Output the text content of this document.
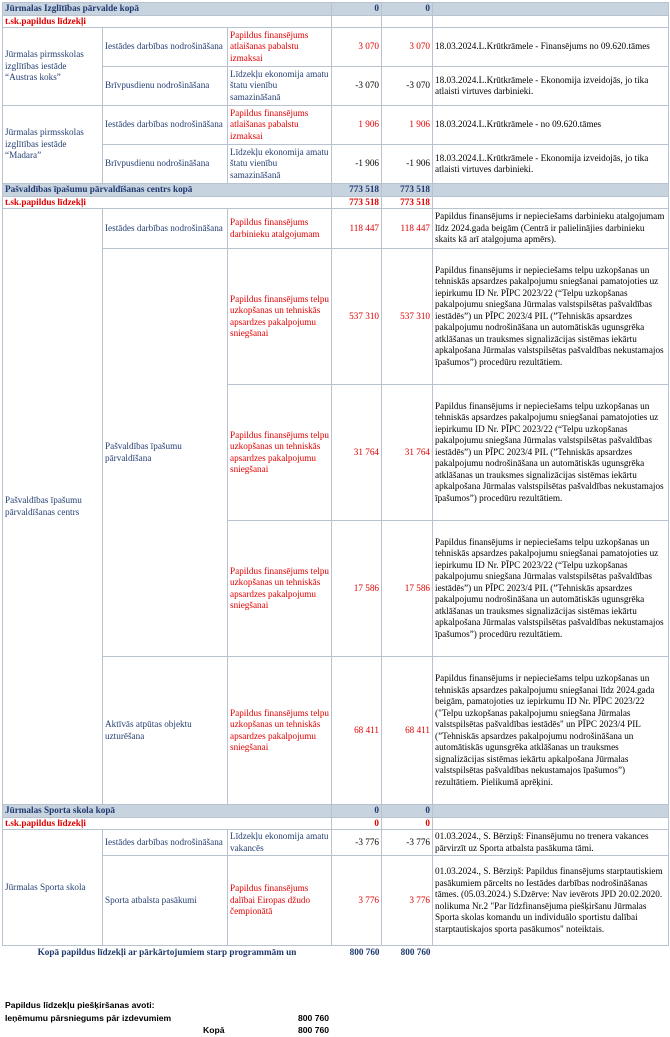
Jūrmalas Izglītības pārvalde kopā			0	0	
t.sk.papildus līdzekļi					
Jūrmalas pirmsskolas izglītības iestāde “Austras koks”	Iestādes darbības nodrošināšana	Papildus finansējums atlaišanas pabalstu izmaksai	3 070	3 070	18.03.2024.L.Krūtkrāmele - Finansējums no 09.620.tāmes
	Brīvpusdienu nodrošināšana	Līdzekļu ekonomija amatu štatu vienību samazināšanā	-3 070	-3 070	18.03.2024.L.Krūtkrāmele - Ekonomija izveidojās, jo tika atlaisti virtuves darbinieki.
Jūrmalas pirmsskolas izglītības iestāde “Madara”	Iestādes darbības nodrošināšana	Papildus finansējums atlaišanas pabalstu izmaksai	1 906	1 906	18.03.2024.L.Krūtkrāmele - no 09.620.tāmes
	Brīvpusdienu nodrošināšana	Līdzekļu ekonomija amatu štatu vienību samazināšanā	-1 906	-1 906	18.03.2024.L.Krūtkrāmele - Ekonomija izveidojās, jo tika atlaisti virtuves darbinieki.
Pašvaldības īpašumu pārvaldīšanas centrs kopā			773 518	773 518	
t.sk.papildus līdzekļi			773 518	773 518	
Pašvaldības īpašumu pārvaldīšanas centrs	Iestādes darbības nodrošināšana	Papildus finansējums darbinieku atalgojumam	118 447	118 447	Papildus finansējums ir nepieciešams darbinieku atalgojumam līdz 2024.gada beigām (Centrā ir palielinājies darbinieku skaits kā arī atalgojuma apmērs).
	Pašvaldības īpašumu pārvaldīšana	Papildus finansējums telpu uzkopšanas un tehniskās apsardzes pakalpojumu sniegšanai	537 310	537 310	Papildus finansējums ir nepieciešams telpu uzkopšanas un tehniskās apsardzes pakalpojumu sniegšanai pamatojoties uz iepirkumu ID Nr. PĪPC 2023/22 (“Telpu uzkopšanas pakalpojumu sniegšana Jūrmalas valstspilsētas pašvaldības iestādēs”) un PĪPC 2023/4 PIL (”Tehniskās apsardzes pakalpojumu nodrošināšana un automātiskās ugunsgrēka atklāšanas un trauksmes signalizācijas sistēmas iekārtu apkalpošana Jūrmalas valstspilsētas pašvaldības nekustamajos īpašumos”) procedūru rezultātiem.
		Papildus finansējums telpu uzkopšanas un tehniskās apsardzes pakalpojumu sniegšanai	31 764	31 764	Papildus finansējums ir nepieciešams telpu uzkopšanas un tehniskās apsardzes pakalpojumu sniegšanai pamatojoties uz iepirkumu ID Nr. PĪPC 2023/22 (“Telpu uzkopšanas pakalpojumu sniegšana Jūrmalas valstspilsētas pašvaldības iestādēs”) un PĪPC 2023/4 PIL (”Tehniskās apsardzes pakalpojumu nodrošināšana un automātiskās ugunsgrēka atklāšanas un trauksmes signalizācijas sistēmas iekārtu apkalpošana Jūrmalas valstspilsētas pašvaldības nekustamajos īpašumos”) procedūru rezultātiem.
		Papildus finansējums telpu uzkopšanas un tehniskās apsardzes pakalpojumu sniegšanai	17 586	17 586	Papildus finansējums ir nepieciešams telpu uzkopšanas un tehniskās apsardzes pakalpojumu sniegšanai pamatojoties uz iepirkumu ID Nr. PĪPC 2023/22 (“Telpu uzkopšanas pakalpojumu sniegšana Jūrmalas valstspilsētas pašvaldības iestādēs”) un PĪPC 2023/4 PIL (”Tehniskās apsardzes pakalpojumu nodrošināšana un automātiskās ugunsgrēka atklāšanas un trauksmes signalizācijas sistēmas iekārtu apkalpošana Jūrmalas valstspilsētas pašvaldības nekustamajos īpašumos”) procedūru rezultātiem.
	Aktīvās atpūtas objektu uzturēšana	Papildus finansējums telpu uzkopšanas un tehniskās apsardzes pakalpojumu sniegšanai	68 411	68 411	Papildus finansējums ir nepieciešams telpu uzkopšanas un tehniskās apsardzes pakalpojumu sniegšanai līdz 2024.gada beigām, pamatojoties uz iepirkumu ID Nr. PĪPC 2023/22 ("Telpu uzkopšanas pakalpojumu sniegšana Jūrmalas valstspilsētas pašvaldības iestādēs" un PĪPC 2023/4 PIL (”Tehniskās apsardzes pakalpojumu nodrošināšana un automātiskās ugunsgrēka atklāšanas un trauksmes signalizācijas sistēmas iekārtu apkalpošana Jūrmalas valstspilsētas pašvaldības nekustamajos īpašumos”) rezultātiem. Pielikumā aprēķini.
Jūrmalas Sporta skola kopā			0	0	
t.sk.papildus līdzekļi			0	0	
Jūrmalas Sporta skola	Iestādes darbības nodrošināšana	Līdzekļu ekonomija amatu vakancēs	-3 776	-3 776	01.03.2024., S. Bērziņš: Finansējumu no trenera vakances pārvirzīt uz Sporta atbalsta pasākuma tāmi.
	Sporta atbalsta pasākumi	Papildus finansējums dalībai Eiropas džudo čempionātā	3 776	3 776	01.03.2024., S. Bērziņš: Papildus finansējums starptautiskiem pasākumiem pārcelts no Iestādes darbības nodrošināšanas tāmes. (05.03.2024.) S.Dzērve: Nav ievērots JPD 20.02.2020. nolikuma Nr.2 "Par līdzfinansējuma piešķiršanu Jūrmalas Sporta skolas komandu un individuālo sportistu dalībai starptautiskajos sporta pasākumos" noteiktais.
Kopā papildus līdzekļi ar pārkārtojumiem starp programmām un			800 760	800 760	
Papildus līdzekļu piešķiršanas avoti:
Ieņēmumu pārsniegums pār izdevumiem	800 760
Kopā	800 760
